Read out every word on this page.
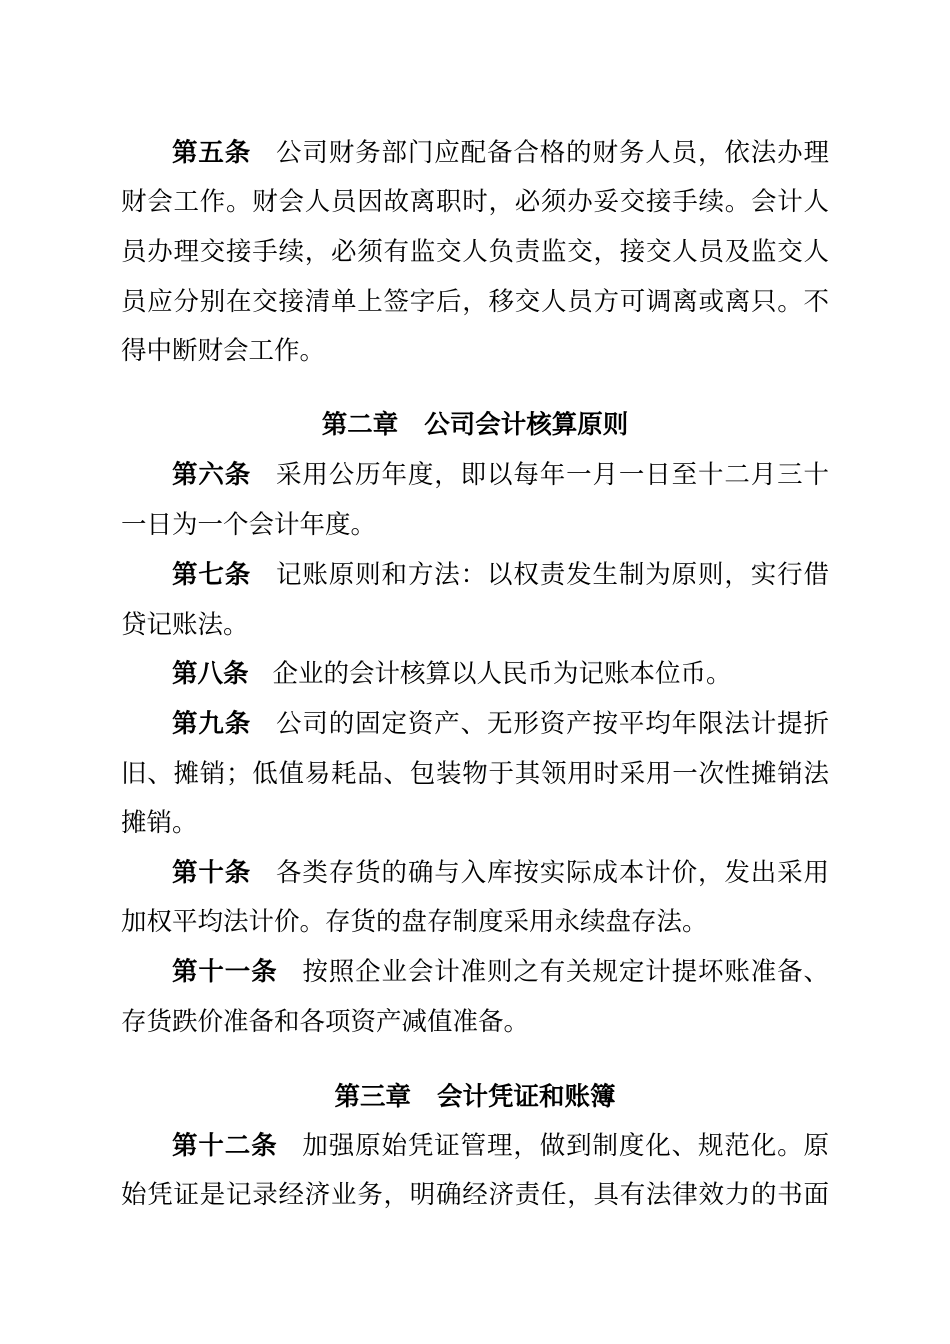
第五条 公司财务部门应配备合格的财务人员，依法办理
财会工作。财会人员因故离职时，必须办妥交接手续。会计人
员办理交接手续，必须有监交人负责监交，接交人员及监交人
员应分别在交接清单上签字后，移交人员方可调离或离只。不
得中断财会工作。
第二章 公司会计核算原则
第六条 采用公历年度，即以每年一月一日至十二月三十
一日为一个会计年度。
第七条 记账原则和方法：以权责发生制为原则，实行借
贷记账法。
第八条 企业的会计核算以人民币为记账本位币。
第九条 公司的固定资产、无形资产按平均年限法计提折
旧、摊销；低值易耗品、包装物于其领用时采用一次性摊销法
摊销。
第十条 各类存货的确与入库按实际成本计价，发出采用
加权平均法计价。存货的盘存制度采用永续盘存法。
第十一条 按照企业会计准则之有关规定计提坏账准备、
存货跌价准备和各项资产减值准备。
第三章 会计凭证和账簿
第十二条 加强原始凭证管理，做到制度化、规范化。原
始凭证是记录经济业务，明确经济责任，具有法律效力的书面
